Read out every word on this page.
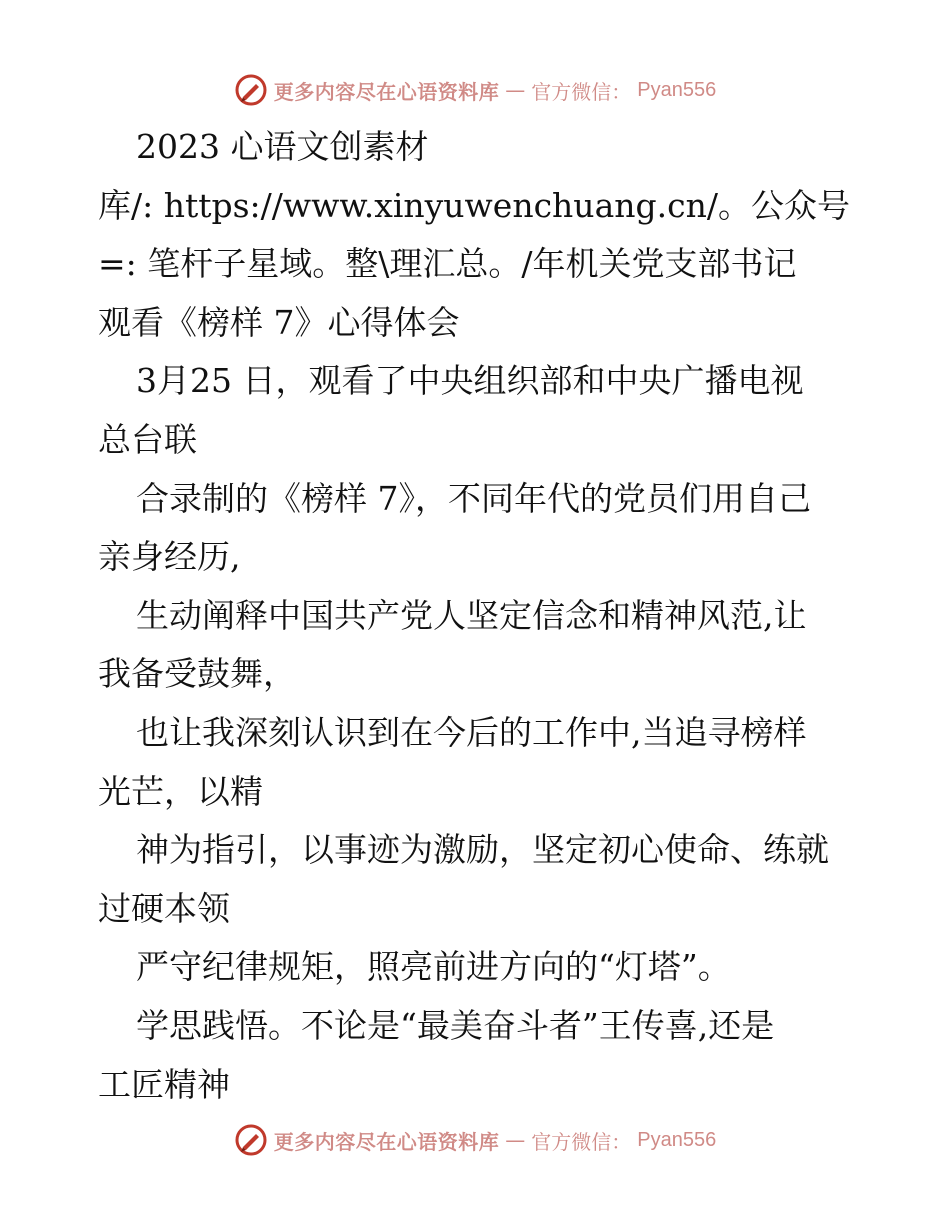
更多内容尽在心语资料库 — 官方微信： Pyan556
2023 心语文创素材
库/: https://www.xinyuwenchuang.cn/。公众号
=: 笔杆子星域。整\理汇总。/年机关党支部书记
观看《榜样 7》心得体会
3月25 日，观看了中央组织部和中央广播电视
总台联
合录制的《榜样 7》，不同年代的党员们用自己
亲身经历,
生动阐释中国共产党人坚定信念和精神风范,让
我备受鼓舞，
也让我深刻认识到在今后的工作中,当追寻榜样
光芒，以精
神为指引，以事迹为激励，坚定初心使命、练就
过硬本领
严守纪律规矩，照亮前进方向的“灯塔”。
学思践悟。不论是“最美奋斗者”王传喜,还是
工匠精神
更多内容尽在心语资料库 — 官方微信： Pyan556
